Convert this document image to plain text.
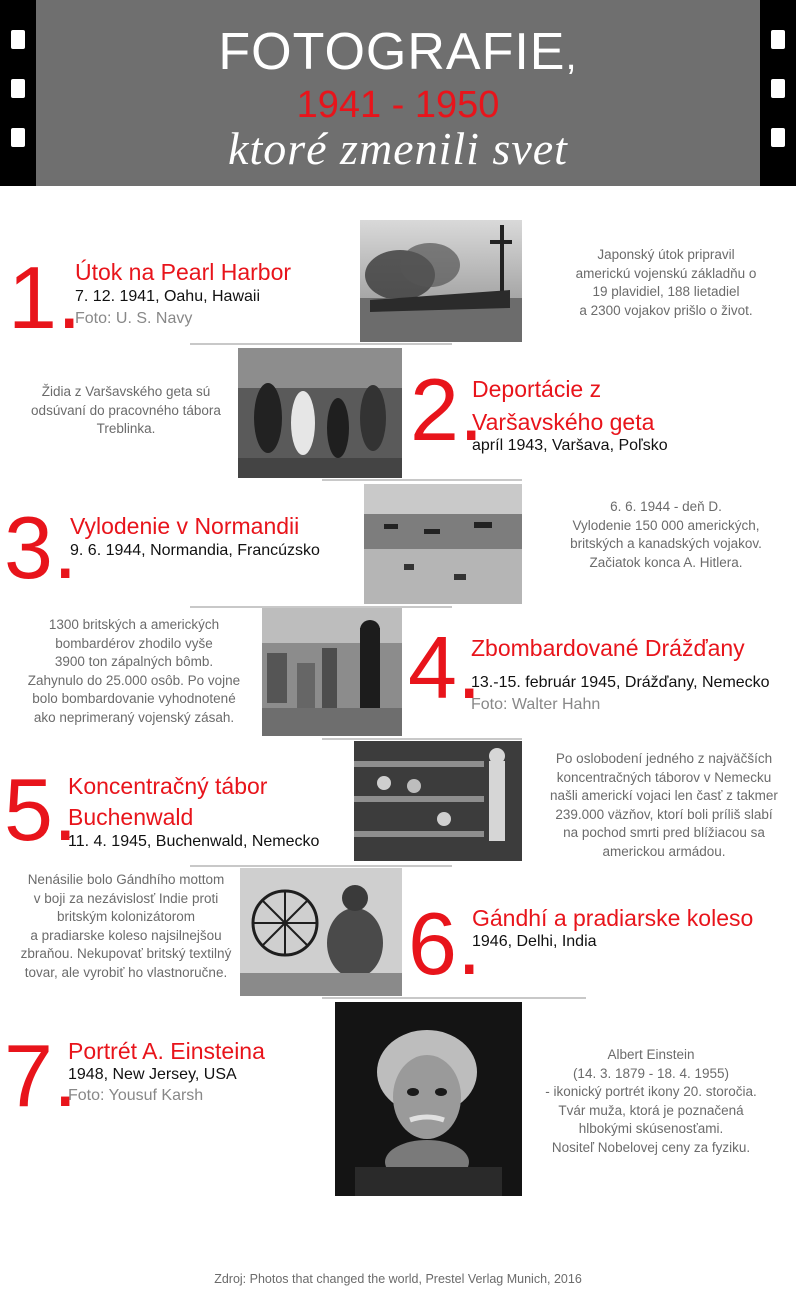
FOTOGRAFIE,
1941 - 1950
ktoré zmenili svet
1.
Útok na Pearl Harbor
7. 12. 1941, Oahu, Hawaii
Foto: U. S. Navy
Japonský útok pripravil
americkú vojenskú základňu o
19 plavidiel, 188 lietadiel
a 2300 vojakov prišlo o život.
Židia z Varšavského geta sú
odsúvaní do pracovného tábora
Treblinka.	2.
Deportácie z
Varšavského geta
apríl 1943, Varšava, Poľsko
3.
Vylodenie v Normandii
9. 6. 1944, Normandia, Francúzsko
6. 6. 1944 - deň D.
Vylodenie 150 000 amerických,
britských a kanadských vojakov.
Začiatok konca A. Hitlera.
1300 britských a amerických
bombardérov zhodilo vyše
3900 ton zápalných bômb.
Zahynulo do 25.000 osôb. Po vojne
bolo bombardovanie vyhodnotené
ako neprimeraný vojenský zásah. 4.
Zbombardované Drážďany
13.-15. február 1945, Drážďany, Nemecko
Foto: Walter Hahn
5.
Koncentračný tábor
Buchenwald
11. 4. 1945, Buchenwald, Nemecko
Po oslobodení jedného z najväčších
koncentračných táborov v Nemecku
našli americkí vojaci len časť z takmer
239.000 väzňov, ktorí boli príliš slabí
na pochod smrti pred blížiacou sa
americkou armádou.
Nenásilie bolo Gándhího mottom
v boji za nezávislosť Indie proti
britským kolonizátorom
a pradiarske koleso najsilnejšou
zbraňou. Nekupovať britský textilný
tovar, ale vyrobiť ho vlastnoručne. 6.
Gándhí a pradiarske koleso
1946, Delhi, India
7.
Portrét A. Einsteina
1948, New Jersey, USA
Foto: Yousuf Karsh
Albert Einstein
(14. 3. 1879 - 18. 4. 1955)
- ikonický portrét ikony 20. storočia.
Tvár muža, ktorá je poznačená
hlbokými skúsenosťami.
Nositeľ Nobelovej ceny za fyziku.
Zdroj: Photos that changed the world, Prestel Verlag Munich, 2016
